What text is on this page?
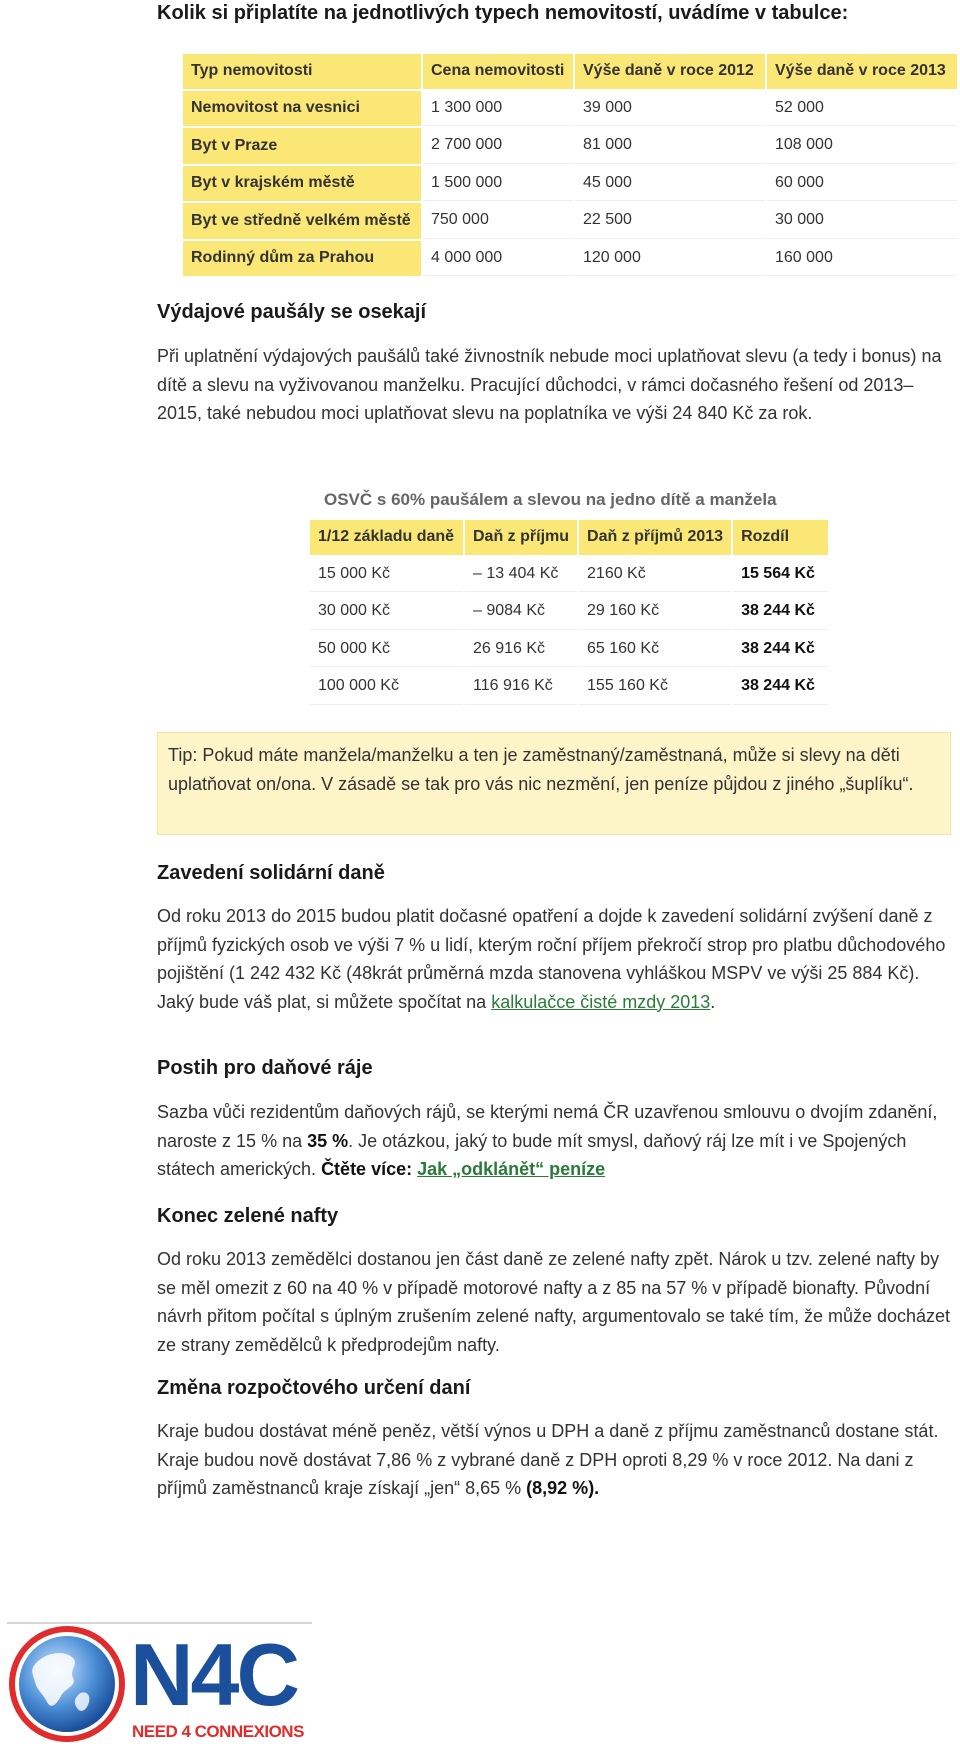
Kolik si připlatíte na jednotlivých typech nemovitostí, uvádíme v tabulce:
Typ nemovitosti	Cena nemovitosti	Výše daně v roce 2012	Výše daně v roce 2013
Nemovitost na vesnici	1 300 000	39 000	52 000
Byt v Praze	2 700 000	81 000	108 000
Byt v krajském městě	1 500 000	45 000	60 000
Byt ve středně velkém městě	750 000	22 500	30 000
Rodinný dům za Prahou	4 000 000	120 000	160 000
Výdajové paušály se osekají

Při uplatnění výdajových paušálů také živnostník nebude moci uplatňovat slevu (a tedy i bonus) na dítě a slevu na vyživovanou manželku. Pracující důchodci, v rámci dočasného řešení od 2013–2015, také nebudou moci uplatňovat slevu na poplatníka ve výši 24 840 Kč za rok.

OSVČ s 60% paušálem a slevou na jedno dítě a manžela
1/12 základu daně	Daň z příjmu	Daň z příjmů 2013	Rozdíl
15 000 Kč	– 13 404 Kč	2160 Kč	15 564 Kč
30 000 Kč	– 9084 Kč	29 160 Kč	38 244 Kč
50 000 Kč	26 916 Kč	65 160 Kč	38 244 Kč
100 000 Kč	116 916 Kč	155 160 Kč	38 244 Kč

Tip: Pokud máte manžela/manželku a ten je zaměstnaný/zaměstnaná, může si slevy na děti uplatňovat on/ona. V zásadě se tak pro vás nic nezmění, jen peníze půjdou z jiného „šuplíku“.

Zavedení solidární daně

Od roku 2013 do 2015 budou platit dočasné opatření a dojde k zavedení solidární zvýšení daně z příjmů fyzických osob ve výši 7 % u lidí, kterým roční příjem překročí strop pro platbu důchodového pojištění (1 242 432 Kč (48krát průměrná mzda stanovena vyhláškou MSPV ve výši 25 884 Kč). Jaký bude váš plat, si můžete spočítat na kalkulačce čisté mzdy 2013.

Postih pro daňové ráje

Sazba vůči rezidentům daňových rájů, se kterými nemá ČR uzavřenou smlouvu o dvojím zdanění, naroste z 15 % na 35 %. Je otázkou, jaký to bude mít smysl, daňový ráj lze mít i ve Spojených státech amerických. Čtěte více: Jak „odklánět“ peníze

Konec zelené nafty

Od roku 2013 zemědělci dostanou jen část daně ze zelené nafty zpět. Nárok u tzv. zelené nafty by se měl omezit z 60 na 40 % v případě motorové nafty a z 85 na 57 % v případě bionafty. Původní návrh přitom počítal s úplným zrušením zelené nafty, argumentovalo se také tím, že může docházet ze strany zemědělců k předprodejům nafty.

Změna rozpočtového určení daní

Kraje budou dostávat méně peněz, větší výnos u DPH a daně z příjmu zaměstnanců dostane stát. Kraje budou nově dostávat 7,86 % z vybrané daně z DPH oproti 8,29 % v roce 2012. Na dani z příjmů zaměstnanců kraje získají „jen“ 8,65 % (8,92 %).

N4C
NEED 4 CONNEXIONS
